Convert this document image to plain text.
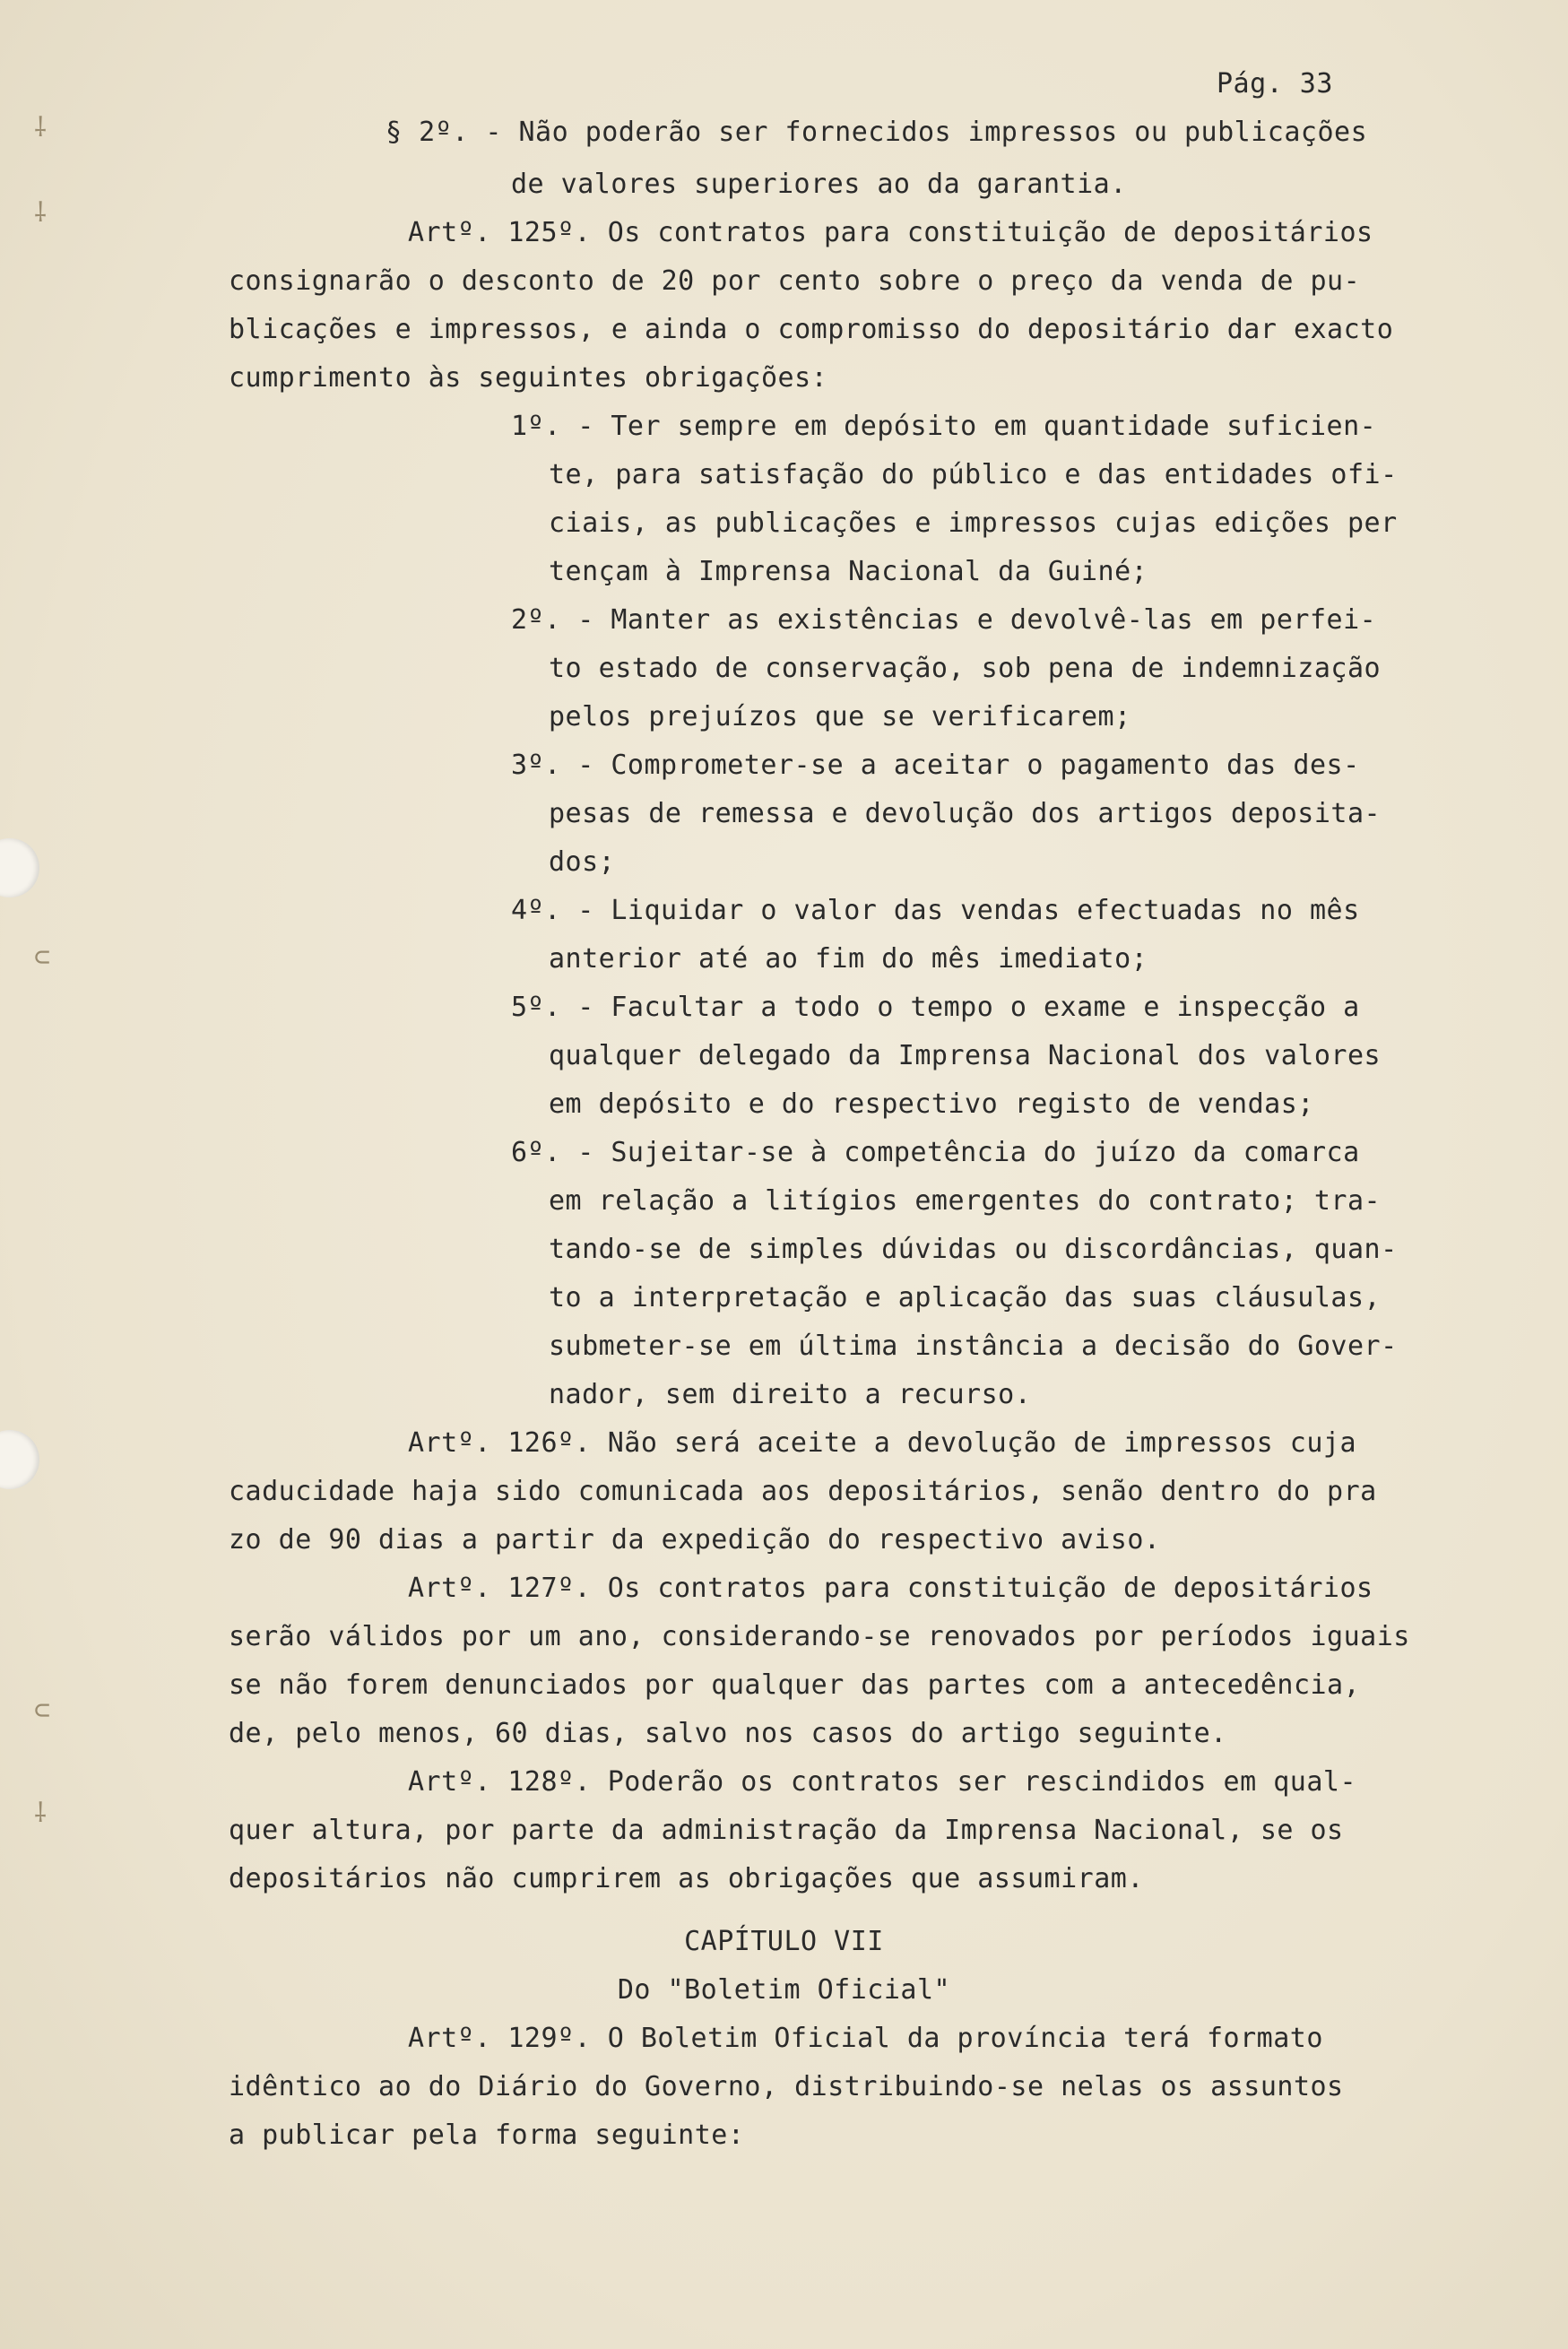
⸸
⸸
⊂
⊂
⸸
Pág. 33
§ 2º. - Não poderão ser fornecidos impressos ou publicações
de valores superiores ao da garantia.
Artº. 125º. Os contratos para constituição de depositários
consignarão o desconto de 20 por cento sobre o preço da venda de pu-
blicações e impressos, e ainda o compromisso do depositário dar exacto
cumprimento às seguintes obrigações:
1º. - Ter sempre em depósito em quantidade suficien-
te, para satisfação do público e das entidades ofi-
ciais, as publicações e impressos cujas edições per
tençam à Imprensa Nacional da Guiné;
2º. - Manter as existências e devolvê-las em perfei-
to estado de conservação, sob pena de indemnização
pelos prejuízos que se verificarem;
3º. - Comprometer-se a aceitar o pagamento das des-
pesas de remessa e devolução dos artigos deposita-
dos;
4º. - Liquidar o valor das vendas efectuadas no mês
anterior até ao fim do mês imediato;
5º. - Facultar a todo o tempo o exame e inspecção a
qualquer delegado da Imprensa Nacional dos valores
em depósito e do respectivo registo de vendas;
6º. - Sujeitar-se à competência do juízo da comarca
em relação a litígios emergentes do contrato; tra-
tando-se de simples dúvidas ou discordâncias, quan-
to a interpretação e aplicação das suas cláusulas,
submeter-se em última instância a decisão do Gover-
nador, sem direito a recurso.
Artº. 126º. Não será aceite a devolução de impressos cuja
caducidade haja sido comunicada aos depositários, senão dentro do pra
zo de 90 dias a partir da expedição do respectivo aviso.
Artº. 127º. Os contratos para constituição de depositários
serão válidos por um ano, considerando-se renovados por períodos iguais
se não forem denunciados por qualquer das partes com a antecedência,
de, pelo menos, 60 dias, salvo nos casos do artigo seguinte.
Artº. 128º. Poderão os contratos ser rescindidos em qual-
quer altura, por parte da administração da Imprensa Nacional, se os
depositários não cumprirem as obrigações que assumiram.
CAPÍTULO VII
Do "Boletim Oficial"
Artº. 129º. O Boletim Oficial da província terá formato
idêntico ao do Diário do Governo, distribuindo-se nelas os assuntos
a publicar pela forma seguinte:
